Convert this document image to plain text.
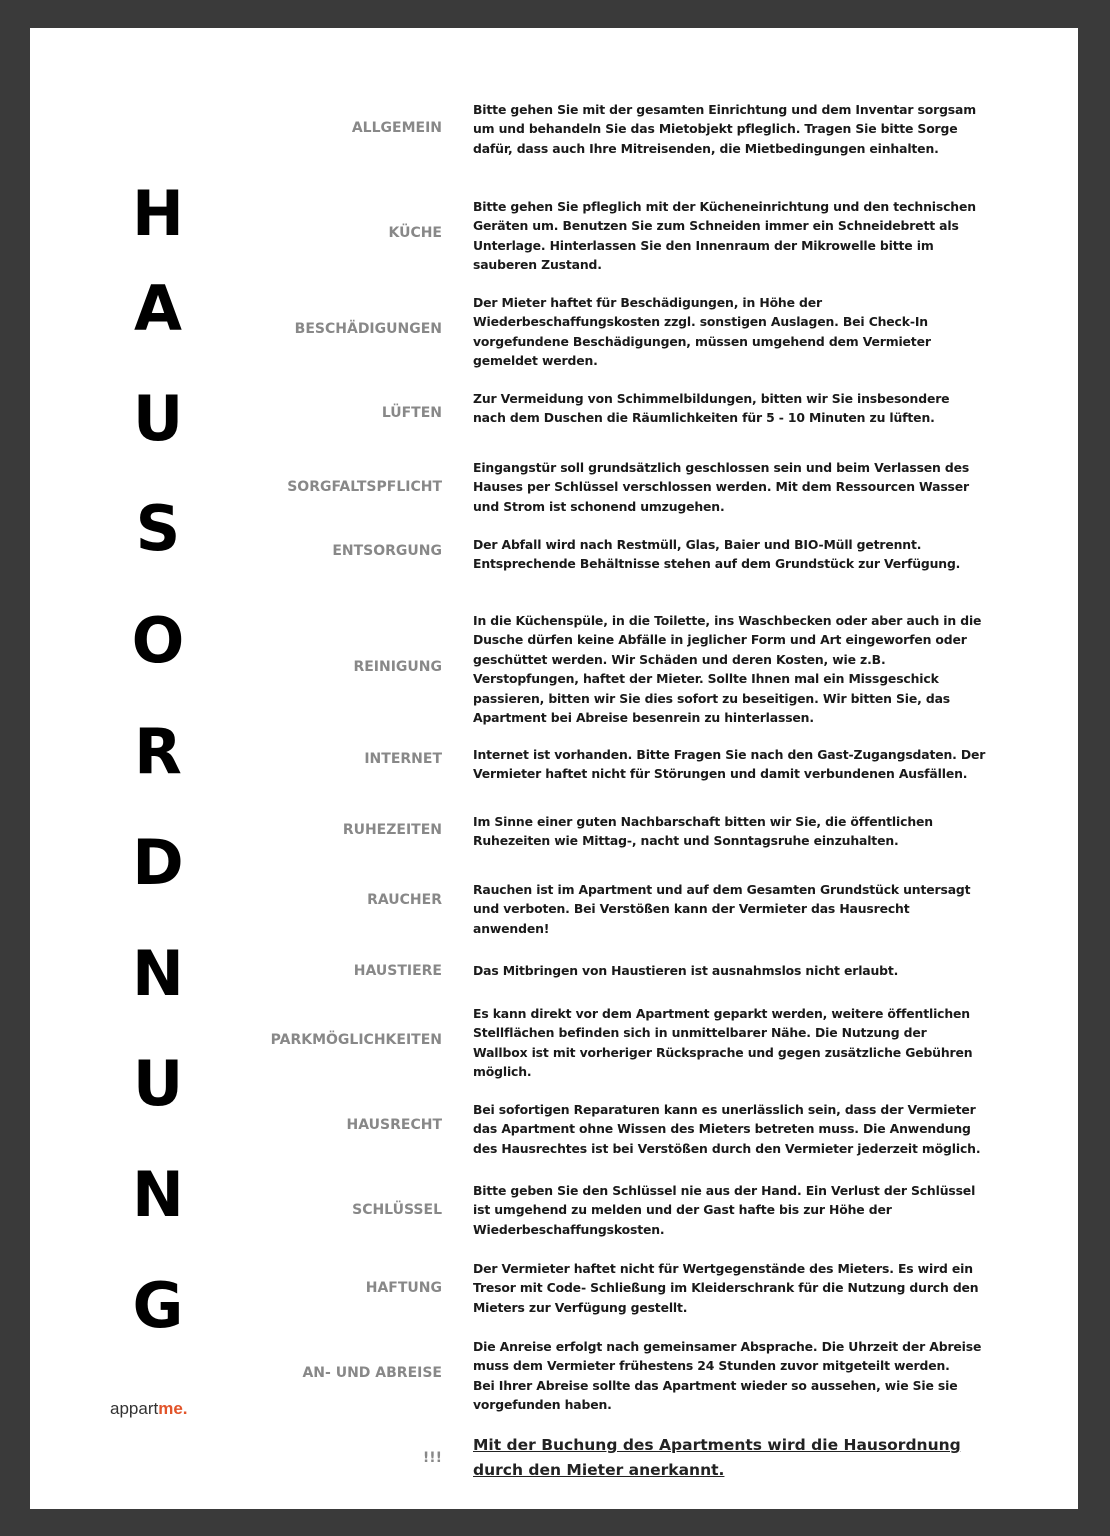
H
A
U
S
O
R
D
N
U
N
G
appartme.
ALLGEMEIN
Bitte gehen Sie mit der gesamten Einrichtung und dem Inventar sorgsam
um und behandeln Sie das Mietobjekt pfleglich. Tragen Sie bitte Sorge
dafür, dass auch Ihre Mitreisenden, die Mietbedingungen einhalten.
KÜCHE
Bitte gehen Sie pfleglich mit der Kücheneinrichtung und den technischen
Geräten um. Benutzen Sie zum Schneiden immer ein Schneidebrett als
Unterlage. Hinterlassen Sie den Innenraum der Mikrowelle bitte im
sauberen Zustand.
BESCHÄDIGUNGEN
Der Mieter haftet für Beschädigungen, in Höhe der
Wiederbeschaffungskosten zzgl. sonstigen Auslagen. Bei Check-In
vorgefundene Beschädigungen, müssen umgehend dem Vermieter
gemeldet werden.
LÜFTEN
Zur Vermeidung von Schimmelbildungen, bitten wir Sie insbesondere
nach dem Duschen die Räumlichkeiten für 5 - 10 Minuten zu lüften.
SORGFALTSPFLICHT
Eingangstür soll grundsätzlich geschlossen sein und beim Verlassen des
Hauses per Schlüssel verschlossen werden. Mit dem Ressourcen Wasser
und Strom ist schonend umzugehen.
ENTSORGUNG	Der Abfall wird nach Restmüll, Glas, Baier und BIO-Müll getrennt.
Entsprechende Behältnisse stehen auf dem Grundstück zur Verfügung.
REINIGUNG
In die Küchenspüle, in die Toilette, ins Waschbecken oder aber auch in die
Dusche dürfen keine Abfälle in jeglicher Form und Art eingeworfen oder
geschüttet werden. Wir Schäden und deren Kosten, wie z.B.
Verstopfungen, haftet der Mieter. Sollte Ihnen mal ein Missgeschick
passieren, bitten wir Sie dies sofort zu beseitigen. Wir bitten Sie, das
Apartment bei Abreise besenrein zu hinterlassen.
INTERNET	Internet ist vorhanden. Bitte Fragen Sie nach den Gast-Zugangsdaten. Der
Vermieter haftet nicht für Störungen und damit verbundenen Ausfällen.
RUHEZEITEN
Im Sinne einer guten Nachbarschaft bitten wir Sie, die öffentlichen
Ruhezeiten wie Mittag-, nacht und Sonntagsruhe einzuhalten.
RAUCHER
Rauchen ist im Apartment und auf dem Gesamten Grundstück untersagt
und verboten. Bei Verstößen kann der Vermieter das Hausrecht
anwenden!
HAUSTIERE	Das Mitbringen von Haustieren ist ausnahmslos nicht erlaubt.
PARKMÖGLICHKEITEN
Es kann direkt vor dem Apartment geparkt werden, weitere öffentlichen
Stellflächen befinden sich in unmittelbarer Nähe. Die Nutzung der
Wallbox ist mit vorheriger Rücksprache und gegen zusätzliche Gebühren
möglich.
HAUSRECHT
Bei sofortigen Reparaturen kann es unerlässlich sein, dass der Vermieter
das Apartment ohne Wissen des Mieters betreten muss. Die Anwendung
des Hausrechtes ist bei Verstößen durch den Vermieter jederzeit möglich.
SCHLÜSSEL
Bitte geben Sie den Schlüssel nie aus der Hand. Ein Verlust der Schlüssel
ist umgehend zu melden und der Gast hafte bis zur Höhe der
Wiederbeschaffungskosten.
HAFTUNG
Der Vermieter haftet nicht für Wertgegenstände des Mieters. Es wird ein
Tresor mit Code- Schließung im Kleiderschrank für die Nutzung durch den
Mieters zur Verfügung gestellt.
AN- UND ABREISE
Die Anreise erfolgt nach gemeinsamer Absprache. Die Uhrzeit der Abreise
muss dem Vermieter frühestens 24 Stunden zuvor mitgeteilt werden.
Bei Ihrer Abreise sollte das Apartment wieder so aussehen, wie Sie sie
vorgefunden haben.
!!!
Mit der Buchung des Apartments wird die Hausordnung
durch den Mieter anerkannt.
